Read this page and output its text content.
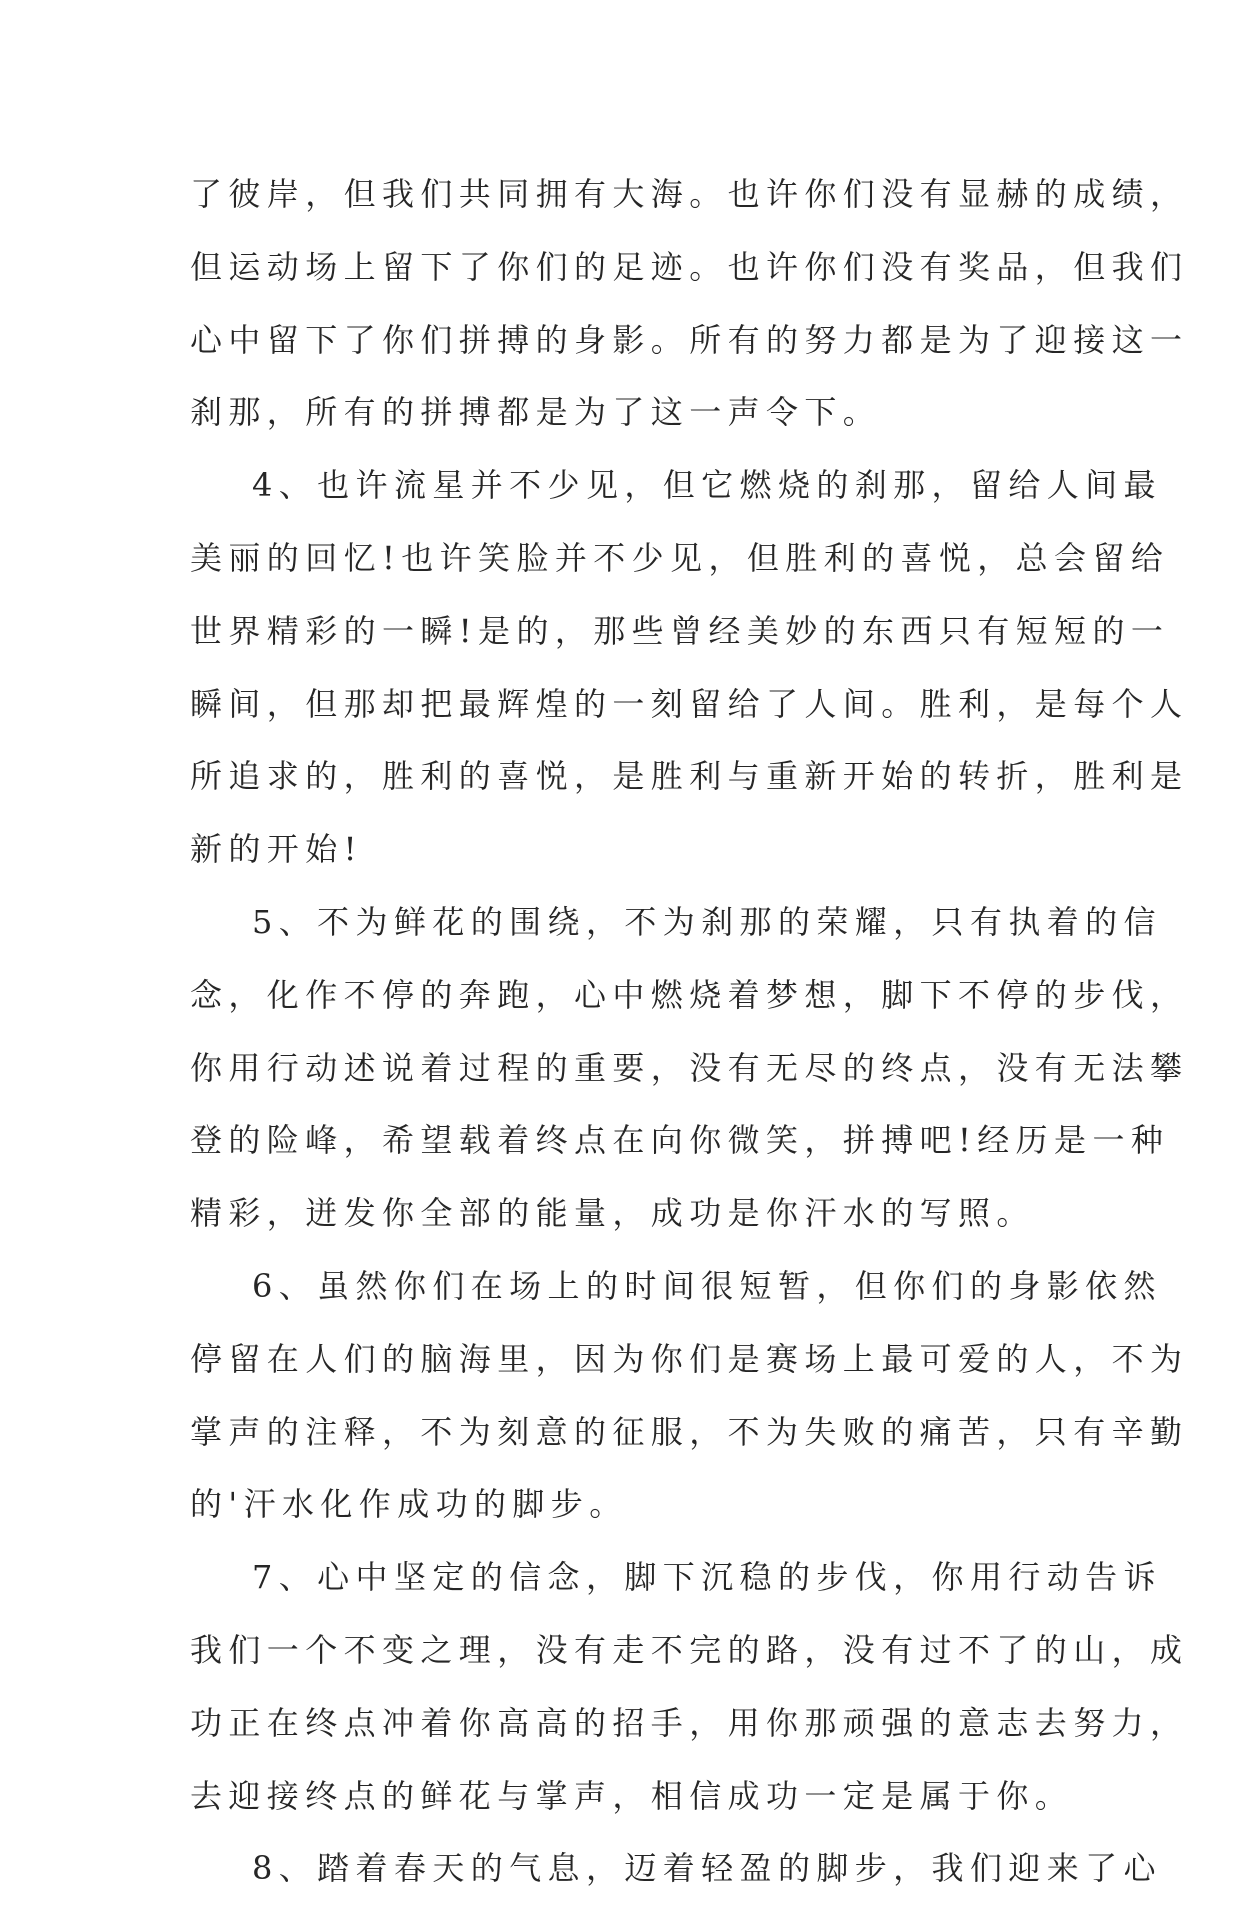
了彼岸，但我们共同拥有大海。也许你们没有显赫的成绩，
但运动场上留下了你们的足迹。也许你们没有奖品，但我们
心中留下了你们拼搏的身影。所有的努力都是为了迎接这一
刹那，所有的拼搏都是为了这一声令下。
4、也许流星并不少见，但它燃烧的刹那，留给人间最
美丽的回忆!也许笑脸并不少见，但胜利的喜悦，总会留给
世界精彩的一瞬!是的，那些曾经美妙的东西只有短短的一
瞬间，但那却把最辉煌的一刻留给了人间。胜利，是每个人
所追求的，胜利的喜悦，是胜利与重新开始的转折，胜利是
新的开始!
5、不为鲜花的围绕，不为刹那的荣耀，只有执着的信
念，化作不停的奔跑，心中燃烧着梦想，脚下不停的步伐，
你用行动述说着过程的重要，没有无尽的终点，没有无法攀
登的险峰，希望载着终点在向你微笑，拼搏吧!经历是一种
精彩，迸发你全部的能量，成功是你汗水的写照。
6、虽然你们在场上的时间很短暂，但你们的身影依然
停留在人们的脑海里，因为你们是赛场上最可爱的人，不为
掌声的注释，不为刻意的征服，不为失败的痛苦，只有辛勤
的'汗水化作成功的脚步。
7、心中坚定的信念，脚下沉稳的步伐，你用行动告诉
我们一个不变之理，没有走不完的路，没有过不了的山，成
功正在终点冲着你高高的招手，用你那顽强的意志去努力，
去迎接终点的鲜花与掌声，相信成功一定是属于你。
8、踏着春天的气息，迈着轻盈的脚步，我们迎来了心
